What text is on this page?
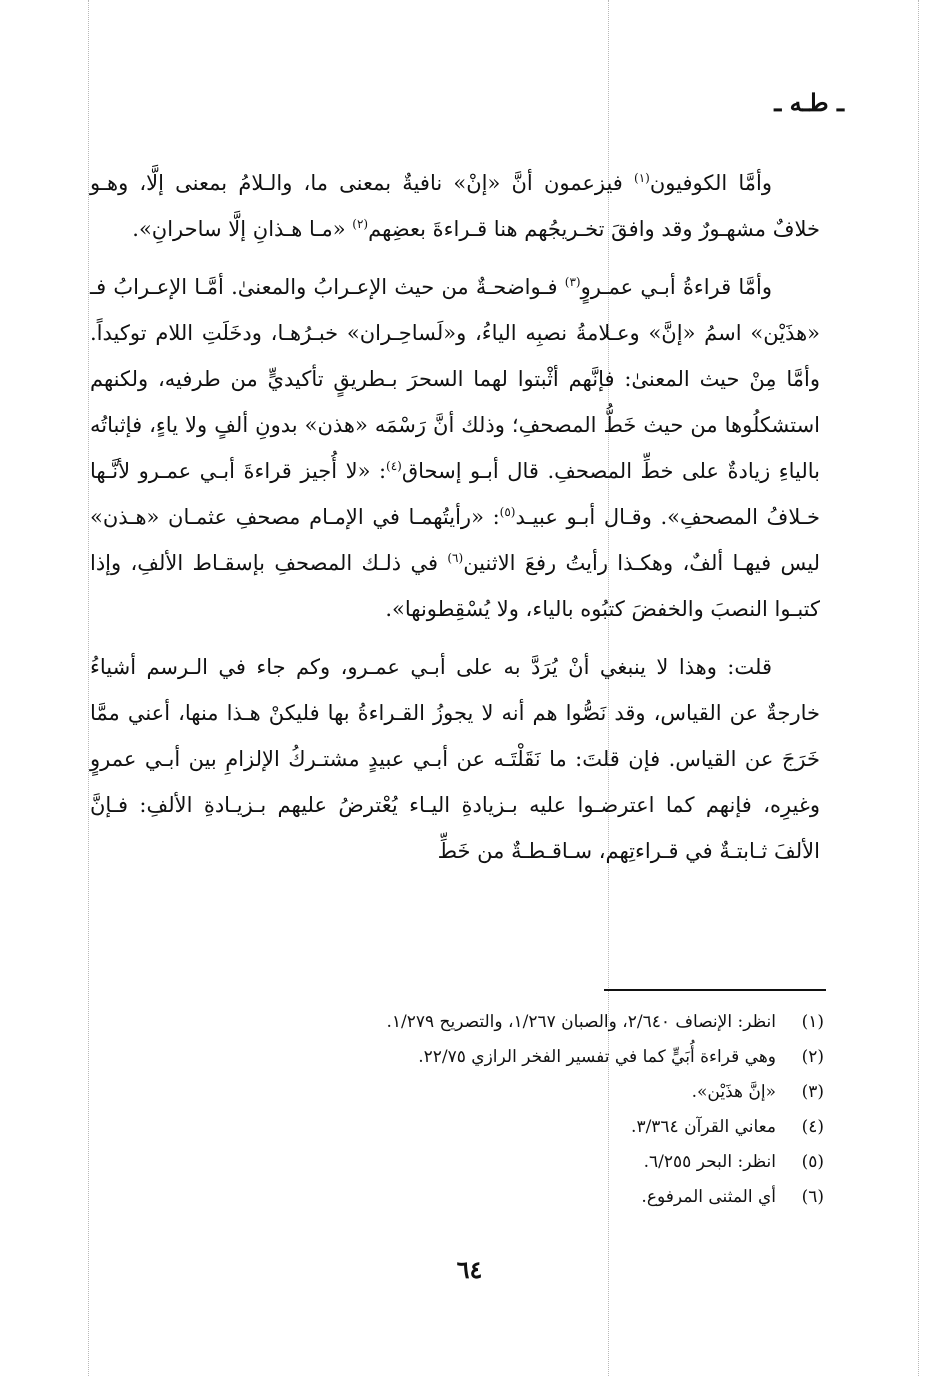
ـ طـه ـ

وأمَّا الكوفيون$^{(١)}$ فيزعمون أنَّ «إنْ» نافيةٌ بمعنى ما، والـلامُ بمعنى إلَّا، وهـو خلافٌ مشهـورٌ وقد وافقَ تخـريجُهم هنا قـراءةَ بعضِهم$^{(٢)}$ «مـا هـذانِ إلَّا ساحرانِ».

وأمَّا قراءةُ أبـي عمـروٍ$^{(٣)}$ فـواضحـةٌ من حيث الإعـرابُ والمعنىٰ. أمَّـا الإعـرابُ فـ «هذَيْن» اسمُ «إنَّ» وعـلامةُ نصبِه الياءُ، و«لَساحِـران» خبـرُهـا، ودخَلَتِ اللام توكيداً. وأمَّا مِنْ حيث المعنىٰ: فإنَّهم أثْبتوا لهما السحرَ بـطريقٍ تأكيديٍّ من طرفيه، ولكنهم استشكلُوها من حيث خَطُّ المصحفِ؛ وذلك أنَّ رَسْمَه «هذن» بدونِ ألفٍ ولا ياءٍ، فإثباتُه بالياءِ زيادةٌ على خطِّ المصحفِ. قال أبـو إسحاق$^{(٤)}$: «لا أُجيز قراءةَ أبـي عمـرو لأنَّـها خـلافُ المصحفِ». وقـال أبـو عبيـد$^{(٥)}$: «رأيتُهمـا في الإمـام مصحفِ عثمـان «هـذن» ليس فيهـا ألفٌ، وهكـذا رأيتُ رفعَ الاثنين$^{(٦)}$ في ذلـك المصحفِ بإسقـاط الألفِ، وإذا كتبـوا النصبَ والخفضَ كتبُوه بالياء، ولا يُسْقِطونها».

قلت: وهذا لا ينبغي أنْ يُرَدَّ به على أبـي عمـرو، وكم جاء في الـرسم أشياءُ خارجةٌ عن القياس، وقد نَصُّوا هم أنه لا يجوزُ القـراءةُ بها فليكنْ هـذا منها، أعني ممَّا خَرَجَ عن القياس. فإن قلتَ: ما نَقَلْتَـه عن أبـي عبيدٍ مشتـركُ الإلزامِ بين أبـي عمروٍ وغيرِه، فإنهم كما اعترضـوا عليه بـزيادةِ اليـاء يُعْترضُ عليهم بـزيـادةِ الألفِ: فـإنَّ الألفَ ثـابتـةٌ في قـراءتِهم، سـاقـطـةٌ من خَطِّ

(١)
انظر: الإنصاف ٢/٦٤٠، والصبان ١/٢٦٧، والتصريح ١/٢٧٩.
(٢)
وهي قراءة أُبَيٍّ كما في تفسير الفخر الرازي ٢٢/٧٥.
(٣)
«إنَّ هذَيْن».
(٤)
معاني القرآن ٣/٣٦٤.
(٥)
انظر: البحر ٦/٢٥٥.
(٦)
أي المثنى المرفوع.
٦٤
